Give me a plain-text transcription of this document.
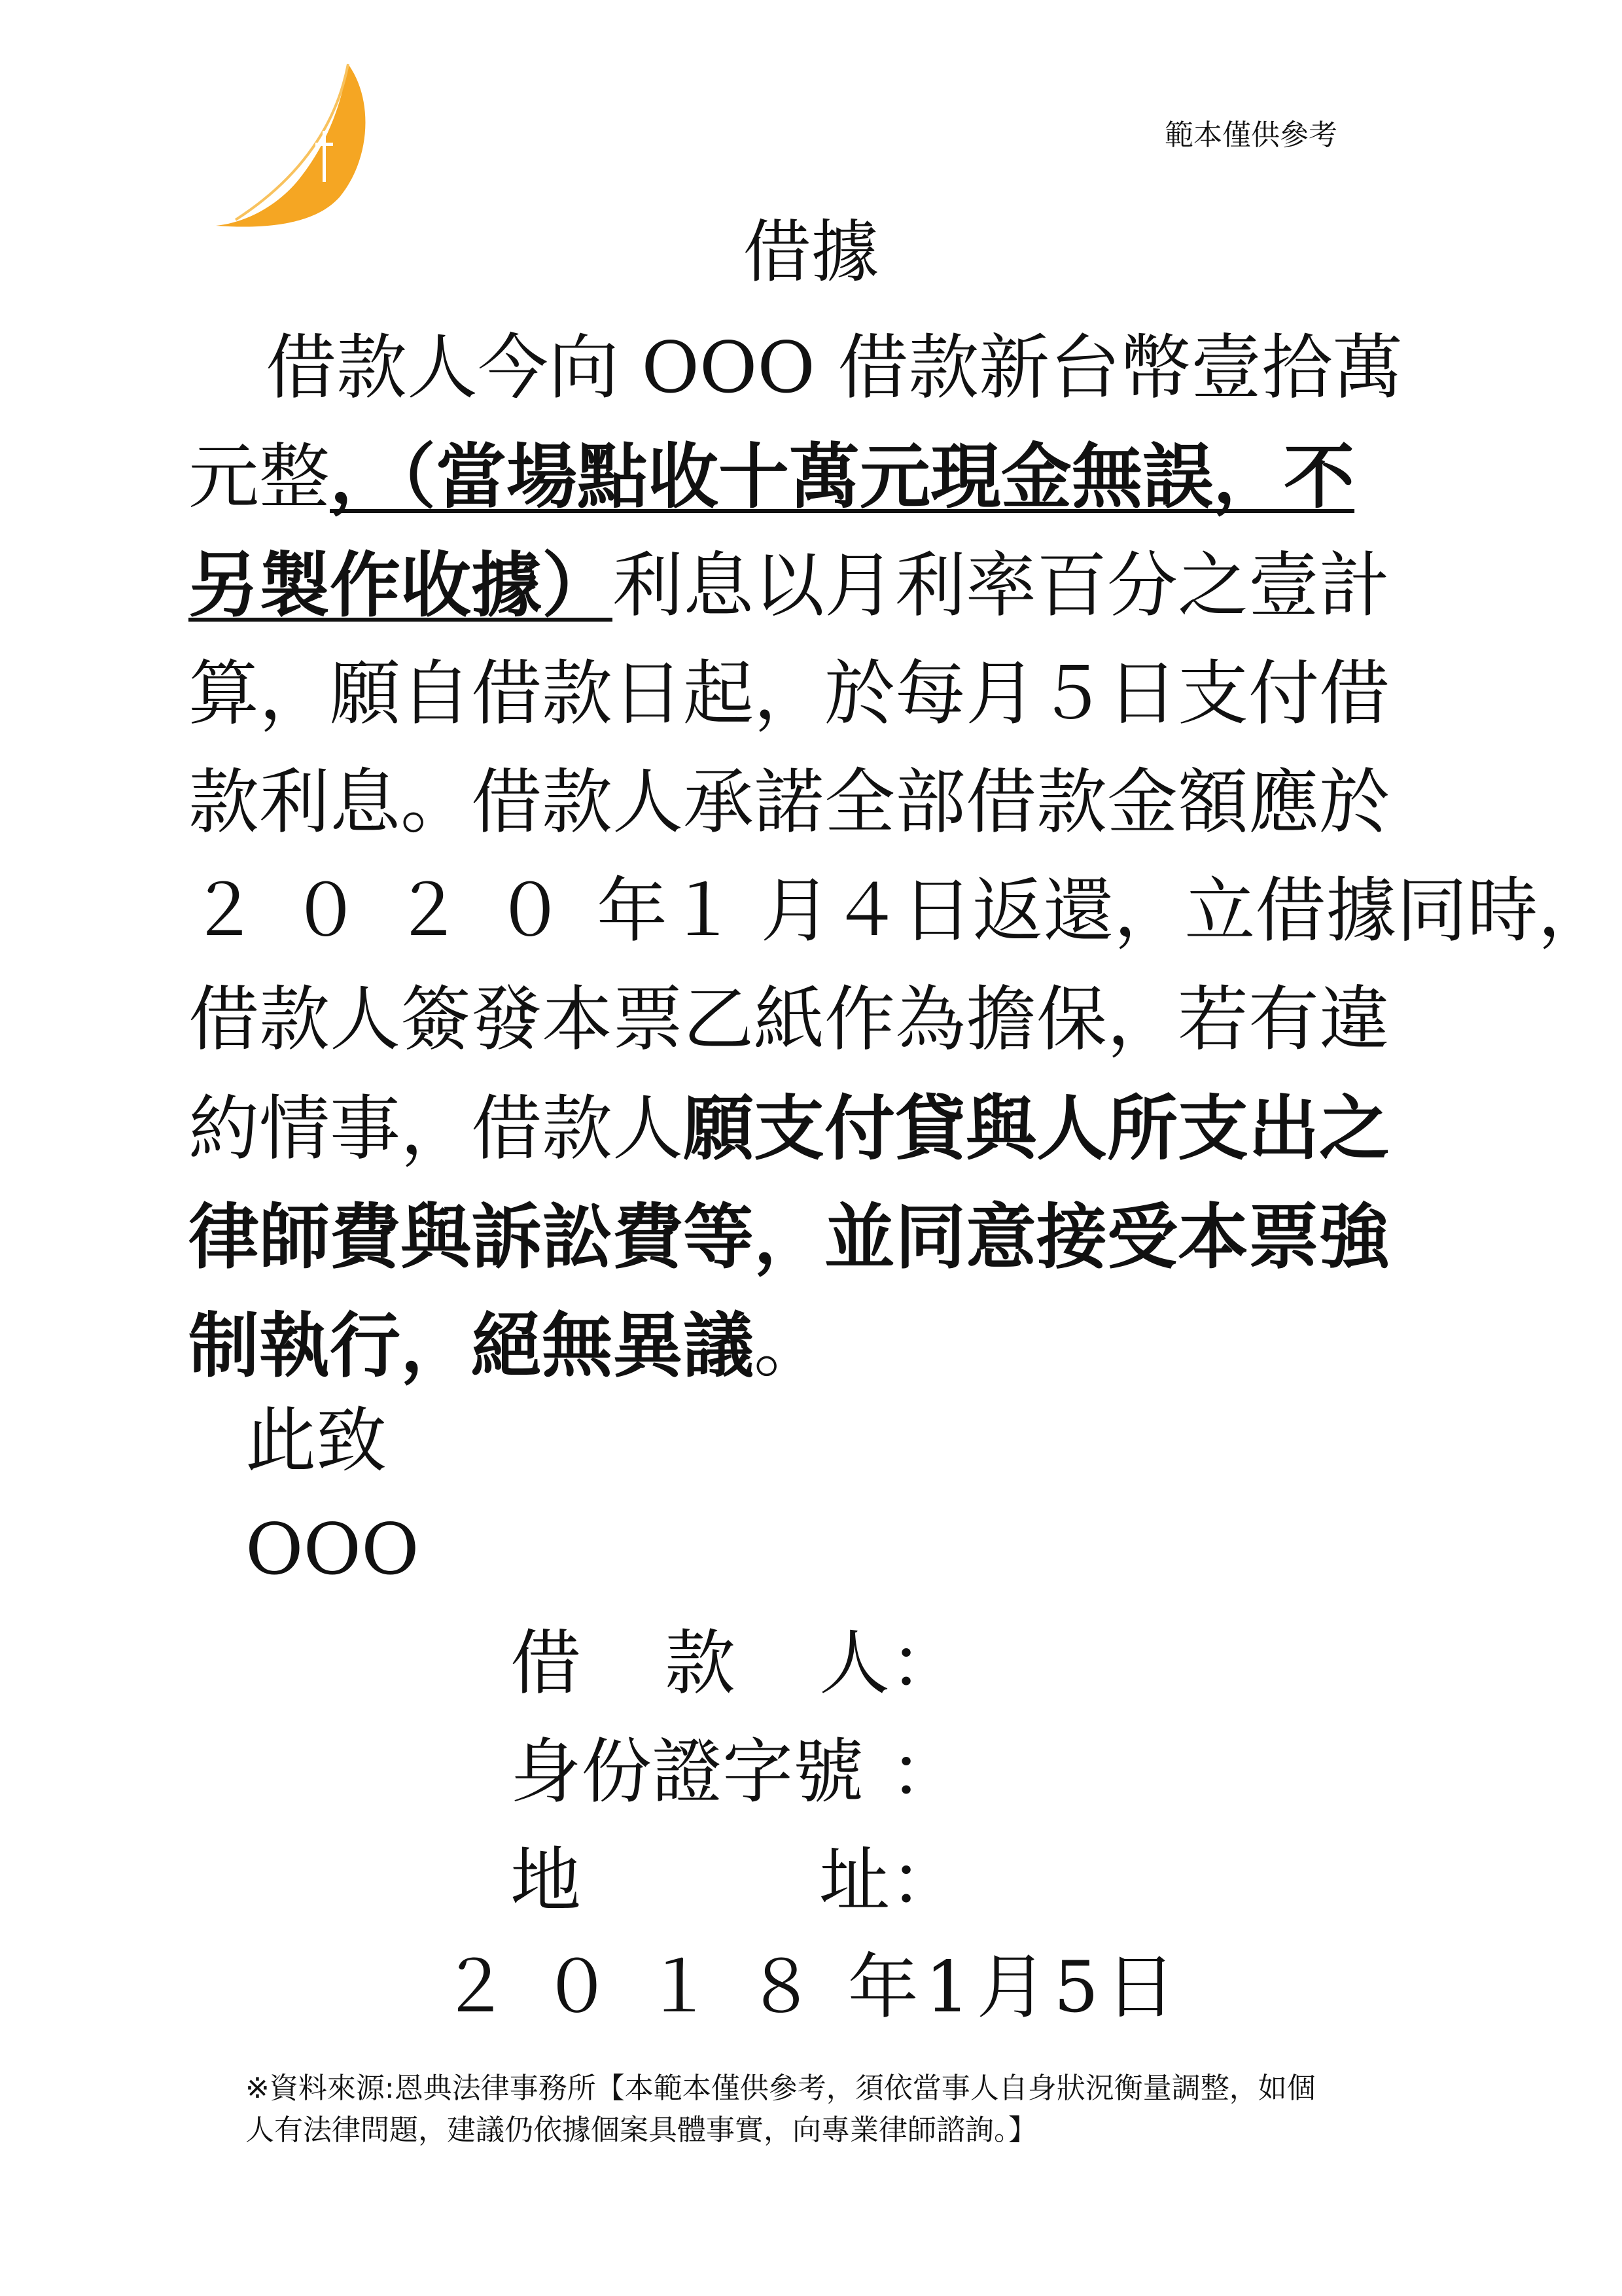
範本僅供參考
借據
借款人今向 OOO 借款新台幣壹拾萬
元整，（當場點收十萬元現金無誤，不
另製作收據）利息以月利率百分之壹計
算，願自借款日起，於每月５日支付借
款利息。借款人承諾全部借款金額應於
２０２０年１ 月４日返還，立借據同時，
借款人簽發本票乙紙作為擔保，若有違
約情事，借款人願支付貸與人所支出之
律師費與訴訟費等，並同意接受本票強
制執行，絕無異議。
此致
OOO
借 款 人 ：
身份證字號 ：
地	址 ：
２０１８年1月5日
※資料來源:恩典法律事務所【本範本僅供參考，須依當事人自身狀況衡量調整，如個
人有法律問題，建議仍依據個案具體事實，向專業律師諮詢。】
